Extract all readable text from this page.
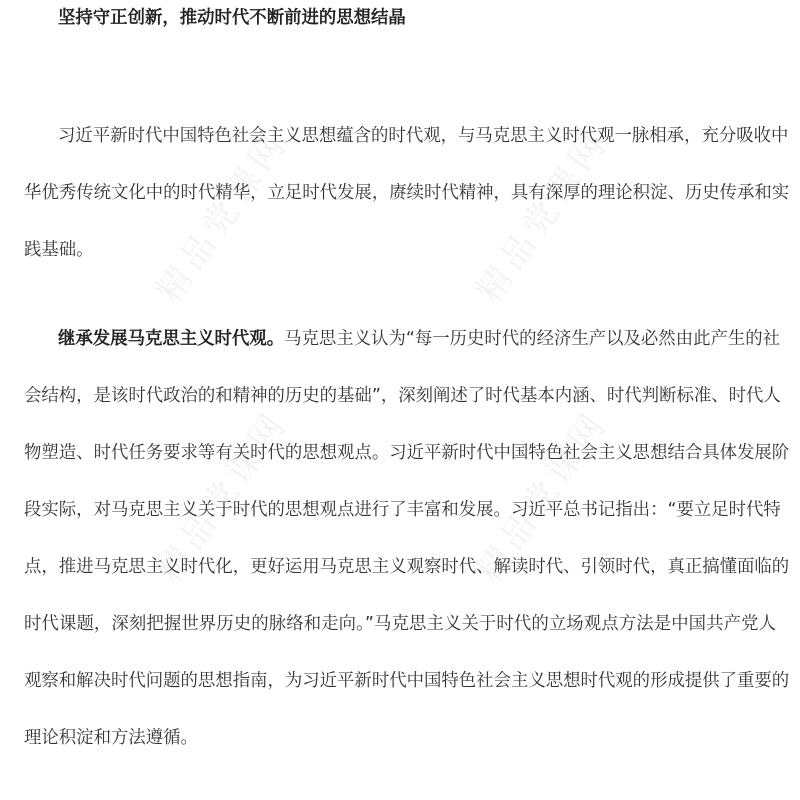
精品党课网	精品党课网
精品党课网	精品党课网
坚持守正创新，推动时代不断前进的思想结晶
习近平新时代中国特色社会主义思想蕴含的时代观，与马克思主义时代观一脉相承，充分吸收中
华优秀传统文化中的时代精华，立足时代发展，赓续时代精神，具有深厚的理论积淀、历史传承和实
践基础。
继承发展马克思主义时代观。马克思主义认为“每一历史时代的经济生产以及必然由此产生的社
会结构，是该时代政治的和精神的历史的基础”，深刻阐述了时代基本内涵、时代判断标准、时代人
物塑造、时代任务要求等有关时代的思想观点。习近平新时代中国特色社会主义思想结合具体发展阶
段实际，对马克思主义关于时代的思想观点进行了丰富和发展。习近平总书记指出：“要立足时代特
点，推进马克思主义时代化，更好运用马克思主义观察时代、解读时代、引领时代，真正搞懂面临的
时代课题，深刻把握世界历史的脉络和走向。”马克思主义关于时代的立场观点方法是中国共产党人
观察和解决时代问题的思想指南，为习近平新时代中国特色社会主义思想时代观的形成提供了重要的
理论积淀和方法遵循。
